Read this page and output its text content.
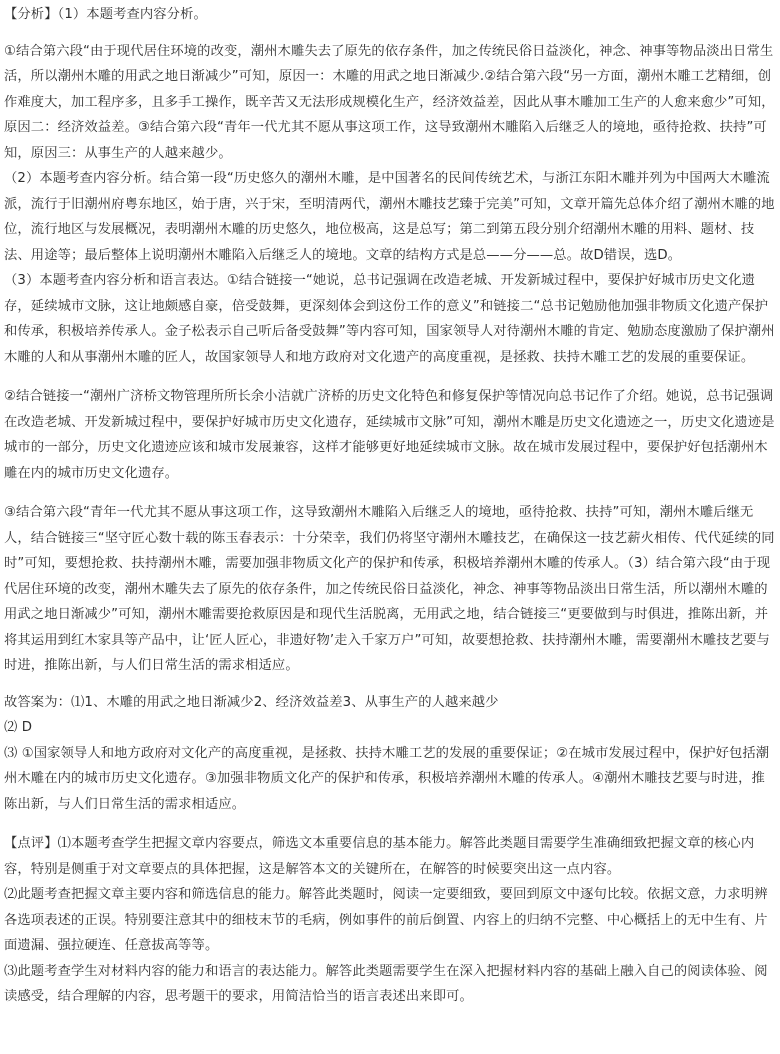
【分析】（1）本题考查内容分析。

①结合第六段“由于现代居住环境的改变，潮州木雕失去了原先的依存条件，加之传统民俗日益淡化，神念、神事等物品淡出日常生活，所以潮州木雕的用武之地日渐减少”可知，原因一：木雕的用武之地日渐减少.②结合第六段“另一方面，潮州木雕工艺精细，创作难度大，加工程序多，且多手工操作，既辛苦又无法形成规模化生产，经济效益差，因此从事木雕加工生产的人愈来愈少”可知，原因二：经济效益差。③结合第六段“青年一代尤其不愿从事这项工作，这导致潮州木雕陷入后继乏人的境地，亟待抢救、扶持”可知，原因三：从事生产的人越来越少。

（2）本题考查内容分析。结合第一段“历史悠久的潮州木雕，是中国著名的民间传统艺术，与浙江东阳木雕并列为中国两大木雕流派，流行于旧潮州府粤东地区，始于唐，兴于宋，至明清两代，潮州木雕技艺臻于完美”可知，文章开篇先总体介绍了潮州木雕的地位，流行地区与发展概况，表明潮州木雕的历史悠久，地位极高，这是总写；第二到第五段分别介绍潮州木雕的用料、题材、技法、用途等；最后整体上说明潮州木雕陷入后继乏人的境地。文章的结构方式是总——分——总。故D错误，选D。

（3）本题考查内容分析和语言表达。①结合链接一“她说，总书记强调在改造老城、开发新城过程中，要保护好城市历史文化遗存，延续城市文脉，这让地颇感自豪，倍受鼓舞，更深刻体会到这份工作的意义”和链接二“总书记勉励他加强非物质文化遗产保护和传承，积极培养传承人。金子松表示自己听后备受鼓舞”等内容可知，国家领导人对待潮州木雕的肯定、勉励态度激励了保护潮州木雕的人和从事潮州木雕的匠人，故国家领导人和地方政府对文化遗产的高度重视，是拯救、扶持木雕工艺的发展的重要保证。

②结合链接一“潮州广济桥文物管理所所长余小洁就广济桥的历史文化特色和修复保护等情况向总书记作了介绍。她说，总书记强调在改造老城、开发新城过程中，要保护好城市历史文化遗存，延续城市文脉”可知，潮州木雕是历史文化遗迹之一，历史文化遗迹是城市的一部分，历史文化遗迹应该和城市发展兼容，这样才能够更好地延续城市文脉。故在城市发展过程中，要保护好包括潮州木雕在内的城市历史文化遗存。

③结合第六段“青年一代尤其不愿从事这项工作，这导致潮州木雕陷入后继乏人的境地，亟待抢救、扶持”可知，潮州木雕后继无人，结合链接三“坚守匠心数十载的陈玉春表示：十分荣幸，我们仍将坚守潮州木雕技艺，在确保这一技艺薪火相传、代代延续的同时”可知，要想抢救、扶持潮州木雕，需要加强非物质文化产的保护和传承，积极培养潮州木雕的传承人。（3）结合第六段“由于现代居住环境的改变，潮州木雕失去了原先的依存条件，加之传统民俗日益淡化，神念、神事等物品淡出日常生活，所以潮州木雕的用武之地日渐减少”可知，潮州木雕需要抢救原因是和现代生活脱离，无用武之地，结合链接三“更要做到与时俱进，推陈出新，并将其运用到红木家具等产品中，让‘匠人匠心，非遗好物’走入千家万户”可知，故要想抢救、扶持潮州木雕，需要潮州木雕技艺要与时进，推陈出新，与人们日常生活的需求相适应。

故答案为：⑴1、木雕的用武之地日渐减少2、经济效益差3、从事生产的人越来越少

⑵ D

⑶ ①国家领导人和地方政府对文化产的高度重视，是拯救、扶持木雕工艺的发展的重要保证；②在城市发展过程中，保护好包括潮州木雕在内的城市历史文化遗存。③加强非物质文化产的保护和传承，积极培养潮州木雕的传承人。④潮州木雕技艺要与时进，推陈出新，与人们日常生活的需求相适应。

【点评】⑴本题考查学生把握文章内容要点，筛选文本重要信息的基本能力。解答此类题目需要学生准确细致把握文章的核心内容，特别是侧重于对文章要点的具体把握，这是解答本文的关键所在，在解答的时候要突出这一点内容。

⑵此题考查把握文章主要内容和筛选信息的能力。解答此类题时，阅读一定要细致，要回到原文中逐句比较。依据文意，力求明辨各选项表述的正误。特别要注意其中的细枝末节的毛病，例如事件的前后倒置、内容上的归纳不完整、中心概括上的无中生有、片面遗漏、强拉硬连、任意拔高等等。

⑶此题考查学生对材料内容的能力和语言的表达能力。解答此类题需要学生在深入把握材料内容的基础上融入自己的阅读体验、阅读感受，结合理解的内容，思考题干的要求，用简洁恰当的语言表述出来即可。
